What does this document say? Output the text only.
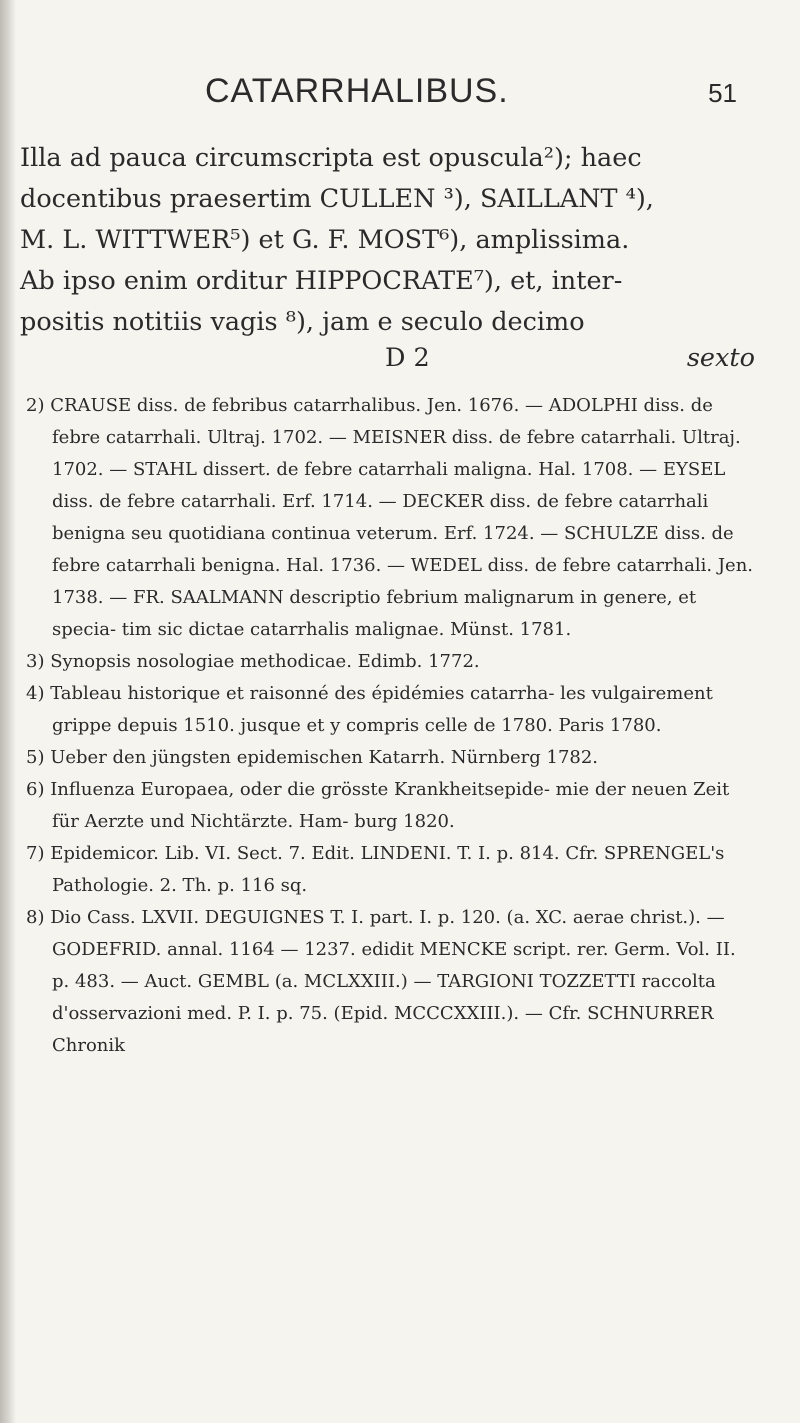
CATARRHALIBUS.	51
Illa ad pauca circumscripta est opuscula²); haec
docentibus praesertim CULLEN ³), SAILLANT ⁴),
M. L. WITTWER⁵) et G. F. MOST⁶), amplissima.
Ab ipso enim orditur HIPPOCRATE⁷), et, inter-
positis notitiis vagis ⁸), jam e seculo decimo
D 2	sexto
2) CRAUSE diss. de febribus catarrhalibus. Jen. 1676. — ADOLPHI diss. de febre catarrhali. Ultraj. 1702. — MEISNER diss. de febre catarrhali. Ultraj. 1702. — STAHL dissert. de febre catarrhali maligna. Hal. 1708. — EYSEL diss. de febre catarrhali. Erf. 1714. — DECKER diss. de febre catarrhali benigna seu quotidiana continua veterum. Erf. 1724. — SCHULZE diss. de febre catarrhali benigna. Hal. 1736. — WEDEL diss. de febre catarrhali. Jen. 1738. — FR. SAALMANN descriptio febrium malignarum in genere, et specia- tim sic dictae catarrhalis malignae. Münst. 1781.
3) Synopsis nosologiae methodicae. Edimb. 1772.
4) Tableau historique et raisonné des épidémies catarrha- les vulgairement grippe depuis 1510. jusque et y compris celle de 1780. Paris 1780.
5) Ueber den jüngsten epidemischen Katarrh. Nürnberg 1782.
6) Influenza Europaea, oder die grösste Krankheitsepide- mie der neuen Zeit für Aerzte und Nichtärzte. Ham- burg 1820.
7) Epidemicor. Lib. VI. Sect. 7. Edit. LINDENI. T. I. p. 814. Cfr. SPRENGEL's Pathologie. 2. Th. p. 116 sq.
8) Dio Cass. LXVII. DEGUIGNES T. I. part. I. p. 120. (a. XC. aerae christ.). — GODEFRID. annal. 1164 — 1237. edidit MENCKE script. rer. Germ. Vol. II. p. 483. — Auct. GEMBL (a. MCLXXIII.) — TARGIONI TOZZETTI raccolta d'osservazioni med. P. I. p. 75. (Epid. MCCCXXIII.). — Cfr. SCHNURRER Chronik
